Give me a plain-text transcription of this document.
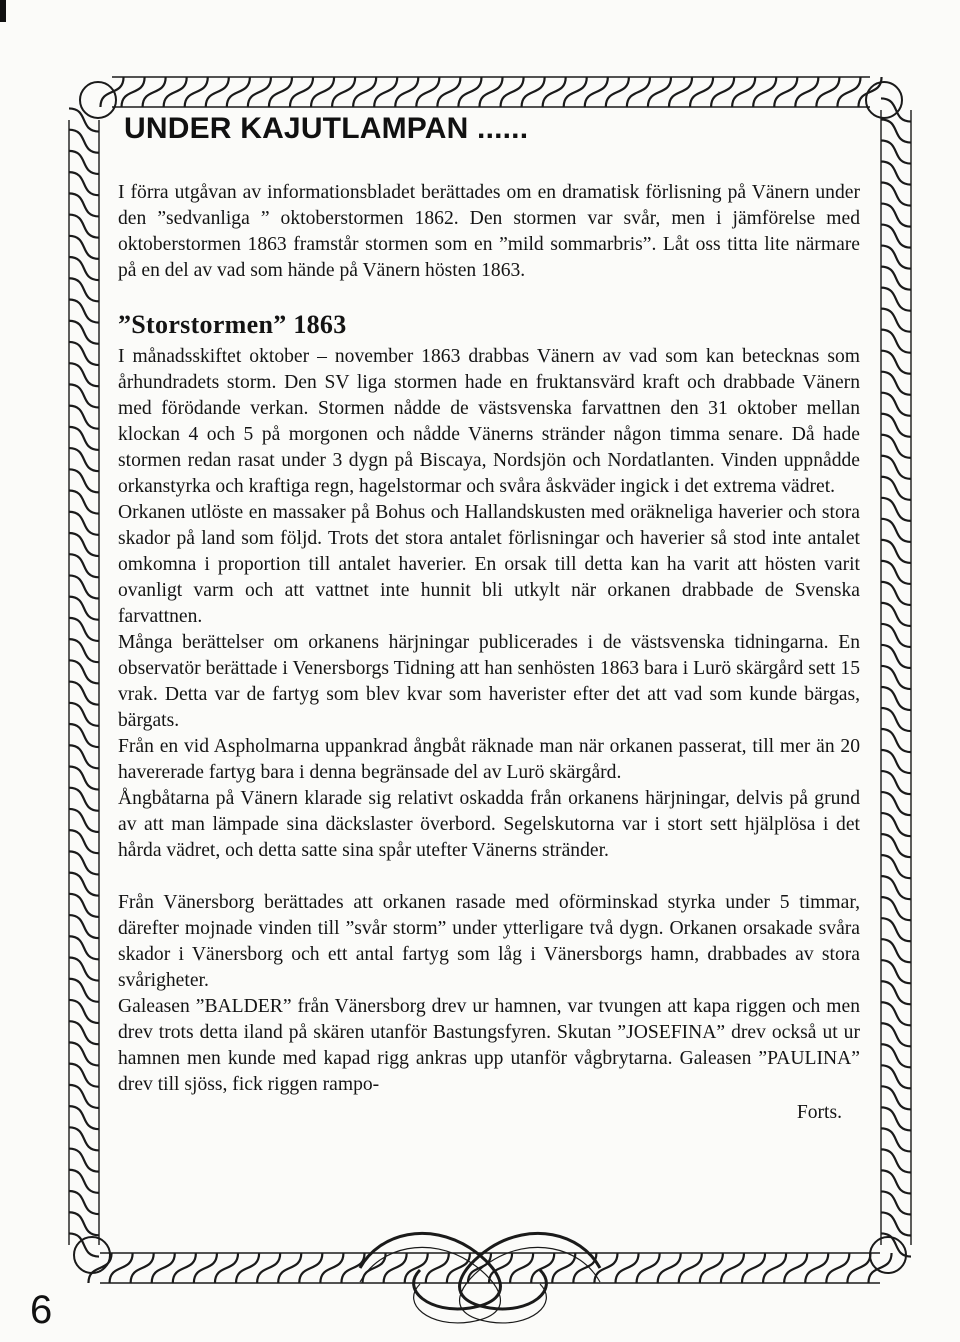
UNDER KAJUTLAMPAN ......

I förra utgåvan av informationsbladet berättades om en dramatisk förlisning på Vänern under den ”sedvanliga ” oktoberstormen 1862. Den stormen var svår, men i jämförelse med oktoberstormen 1863 framstår stormen som en ”mild sommarbris”. Låt oss titta lite närmare på en del av vad som hände på Vänern hösten 1863.

”Storstormen” 1863

I månadsskiftet oktober – november 1863 drabbas Vänern av vad som kan betecknas som århundradets storm. Den SV liga stormen hade en fruktansvärd kraft och drabbade Vänern med förödande verkan. Stormen nådde de västsvenska farvattnen den 31 oktober mellan klockan 4 och 5 på morgonen och nådde Vänerns stränder någon timma senare. Då hade stormen redan rasat under 3 dygn på Biscaya, Nordsjön och Nordatlanten. Vinden uppnådde orkanstyrka och kraftiga regn, hagelstormar och svåra åskväder ingick i det extrema vädret.

Orkanen utlöste en massaker på Bohus och Hallandskusten med oräkneliga haverier och stora skador på land som följd. Trots det stora antalet förlisningar och haverier så stod inte antalet omkomna i proportion till antalet haverier. En orsak till detta kan ha varit att hösten varit ovanligt varm och att vattnet inte hunnit bli utkylt när orkanen drabbade de Svenska farvattnen.

Många berättelser om orkanens härjningar publicerades i de västsvenska tidningarna. En observatör berättade i Venersborgs Tidning att han senhösten 1863 bara i Lurö skärgård sett 15 vrak. Detta var de fartyg som blev kvar som haverister efter det att vad som kunde bärgas, bärgats.

Från en vid Aspholmarna uppankrad ångbåt räknade man när orkanen passerat, till mer än 20 havererade fartyg bara i denna begränsade del av Lurö skärgård.

Ångbåtarna på Vänern klarade sig relativt oskadda från orkanens härjningar, delvis på grund av att man lämpade sina däckslaster överbord. Segelskutorna var i stort sett hjälplösa i det hårda vädret, och detta satte sina spår utefter Vänerns stränder.

Från Vänersborg berättades att orkanen rasade med oförminskad styrka under 5 timmar, därefter mojnade vinden till ”svår storm” under ytterligare två dygn. Orkanen orsakade svåra skador i Vänersborg och ett antal fartyg som låg i Vänersborgs hamn, drabbades av stora svårigheter.

Galeasen ”BALDER” från Vänersborg drev ur hamnen, var tvungen att kapa riggen och men drev trots detta iland på skären utanför Bastungsfyren. Skutan ”JOSEFINA” drev också ut ur hamnen men kunde med kapad rigg ankras upp utanför vågbrytarna. Galeasen ”PAULINA” drev till sjöss, fick riggen rampo-

Forts.
6
